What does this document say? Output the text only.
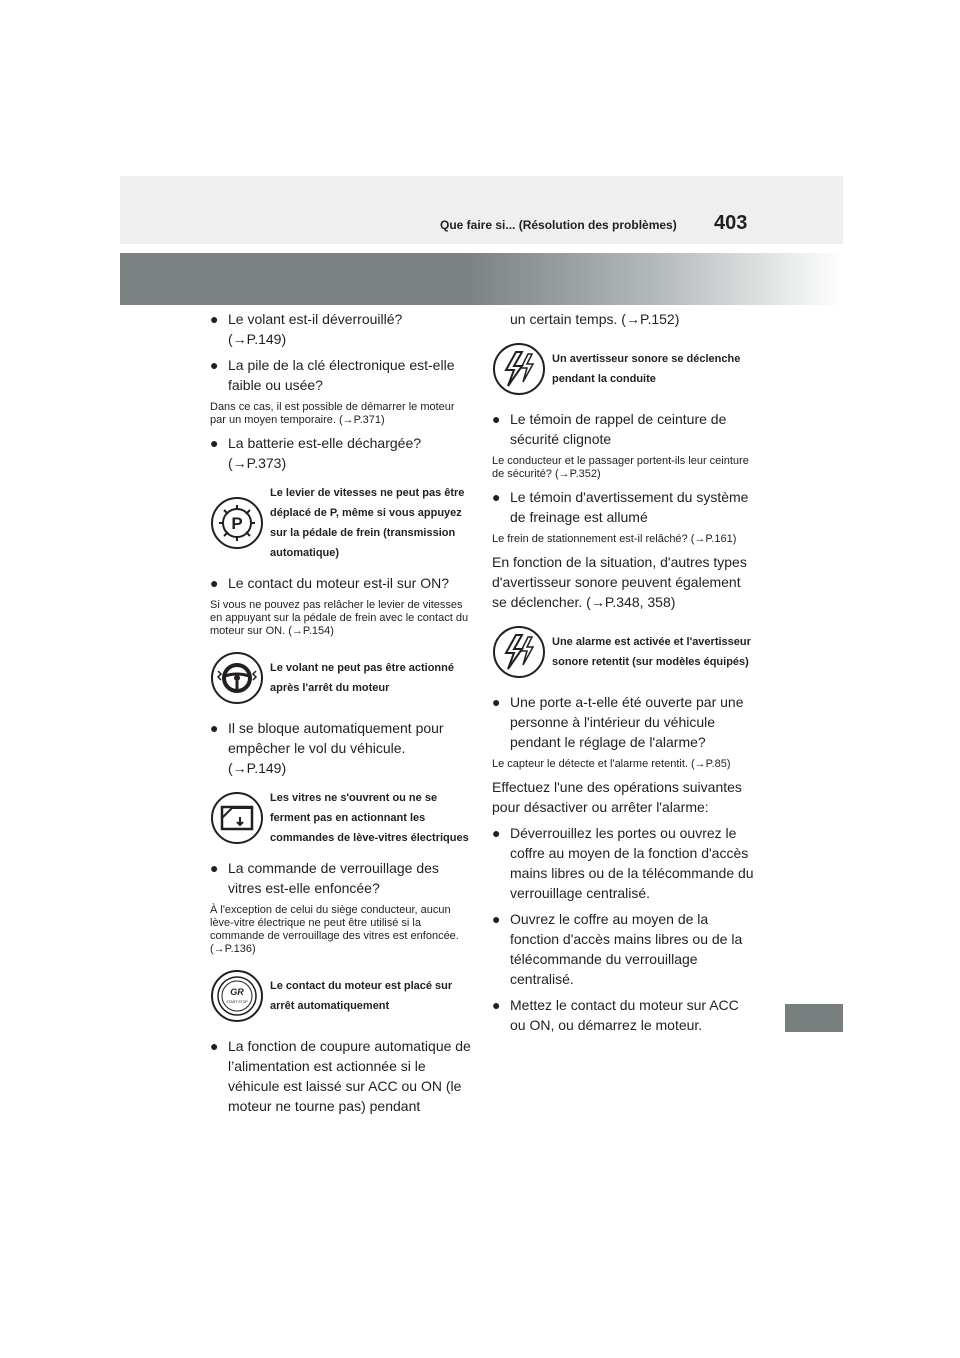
Que faire si... (Résolution des problèmes) 403
● Le volant est-il déverrouillé?
(→P.149)
● La pile de la clé électronique est-elle faible ou usée?
Dans ce cas, il est possible de démarrer le moteur par un moyen temporaire. (→P.371)
● La batterie est-elle déchargée?
(→P.373)
P
Le levier de vitesses ne peut pas être déplacé de P, même si vous appuyez sur la pédale de frein (transmission automatique)
● Le contact du moteur est-il sur ON?
Si vous ne pouvez pas relâcher le levier de vitesses en appuyant sur la pédale de frein avec le contact du moteur sur ON. (→P.154)
Le volant ne peut pas être actionné après l'arrêt du moteur
● Il se bloque automatiquement pour empêcher le vol du véhicule.
(→P.149)
Les vitres ne s'ouvrent ou ne se ferment pas en actionnant les commandes de lève-vitres électriques
● La commande de verrouillage des vitres est-elle enfoncée?
À l'exception de celui du siège conducteur, aucun lève-vitre électrique ne peut être utilisé si la commande de verrouillage des vitres est enfoncée. (→P.136)
GR
START STOP
Le contact du moteur est placé sur arrêt automatiquement
● La fonction de coupure automatique de l’alimentation est actionnée si le véhicule est laissé sur ACC ou ON (le moteur ne tourne pas) pendant
un certain temps. (→P.152)
Un avertisseur sonore se déclenche pendant la conduite
● Le témoin de rappel de ceinture de sécurité clignote
Le conducteur et le passager portent-ils leur ceinture de sécurité? (→P.352)
● Le témoin d'avertissement du système de freinage est allumé
Le frein de stationnement est-il relâché? (→P.161)
En fonction de la situation, d'autres types d'avertisseur sonore peuvent également se déclencher. (→P.348, 358)
Une alarme est activée et l'avertisseur sonore retentit (sur modèles équipés)
● Une porte a-t-elle été ouverte par une personne à l'intérieur du véhicule pendant le réglage de l'alarme?
Le capteur le détecte et l'alarme retentit. (→P.85)
Effectuez l'une des opérations suivantes pour désactiver ou arrêter l'alarme:
● Déverrouillez les portes ou ouvrez le coffre au moyen de la fonction d'accès mains libres ou de la télécommande du verrouillage centralisé.
● Ouvrez le coffre au moyen de la fonction d'accès mains libres ou de la télécommande du verrouillage centralisé.
● Mettez le contact du moteur sur ACC ou ON, ou démarrez le moteur.
